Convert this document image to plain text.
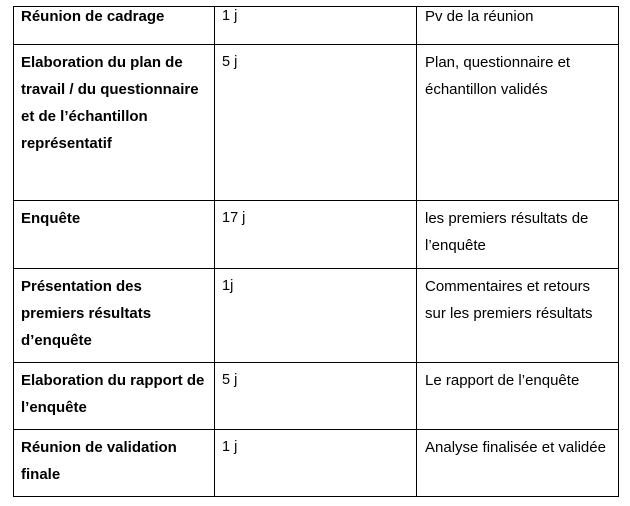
Réunion de cadrage	1 j	Pv de la réunion

Elaboration du plan de travail / du questionnaire et de l’échantillon représentatif	5 j	Plan, questionnaire et échantillon validés

Enquête	17 j	les premiers résultats de l’enquête

Présentation des premiers résultats d’enquête	1j	Commentaires et retours sur les premiers résultats

Elaboration du rapport de l’enquête	5 j	Le rapport de l’enquête

Réunion de validation finale	1 j	Analyse finalisée et validée
